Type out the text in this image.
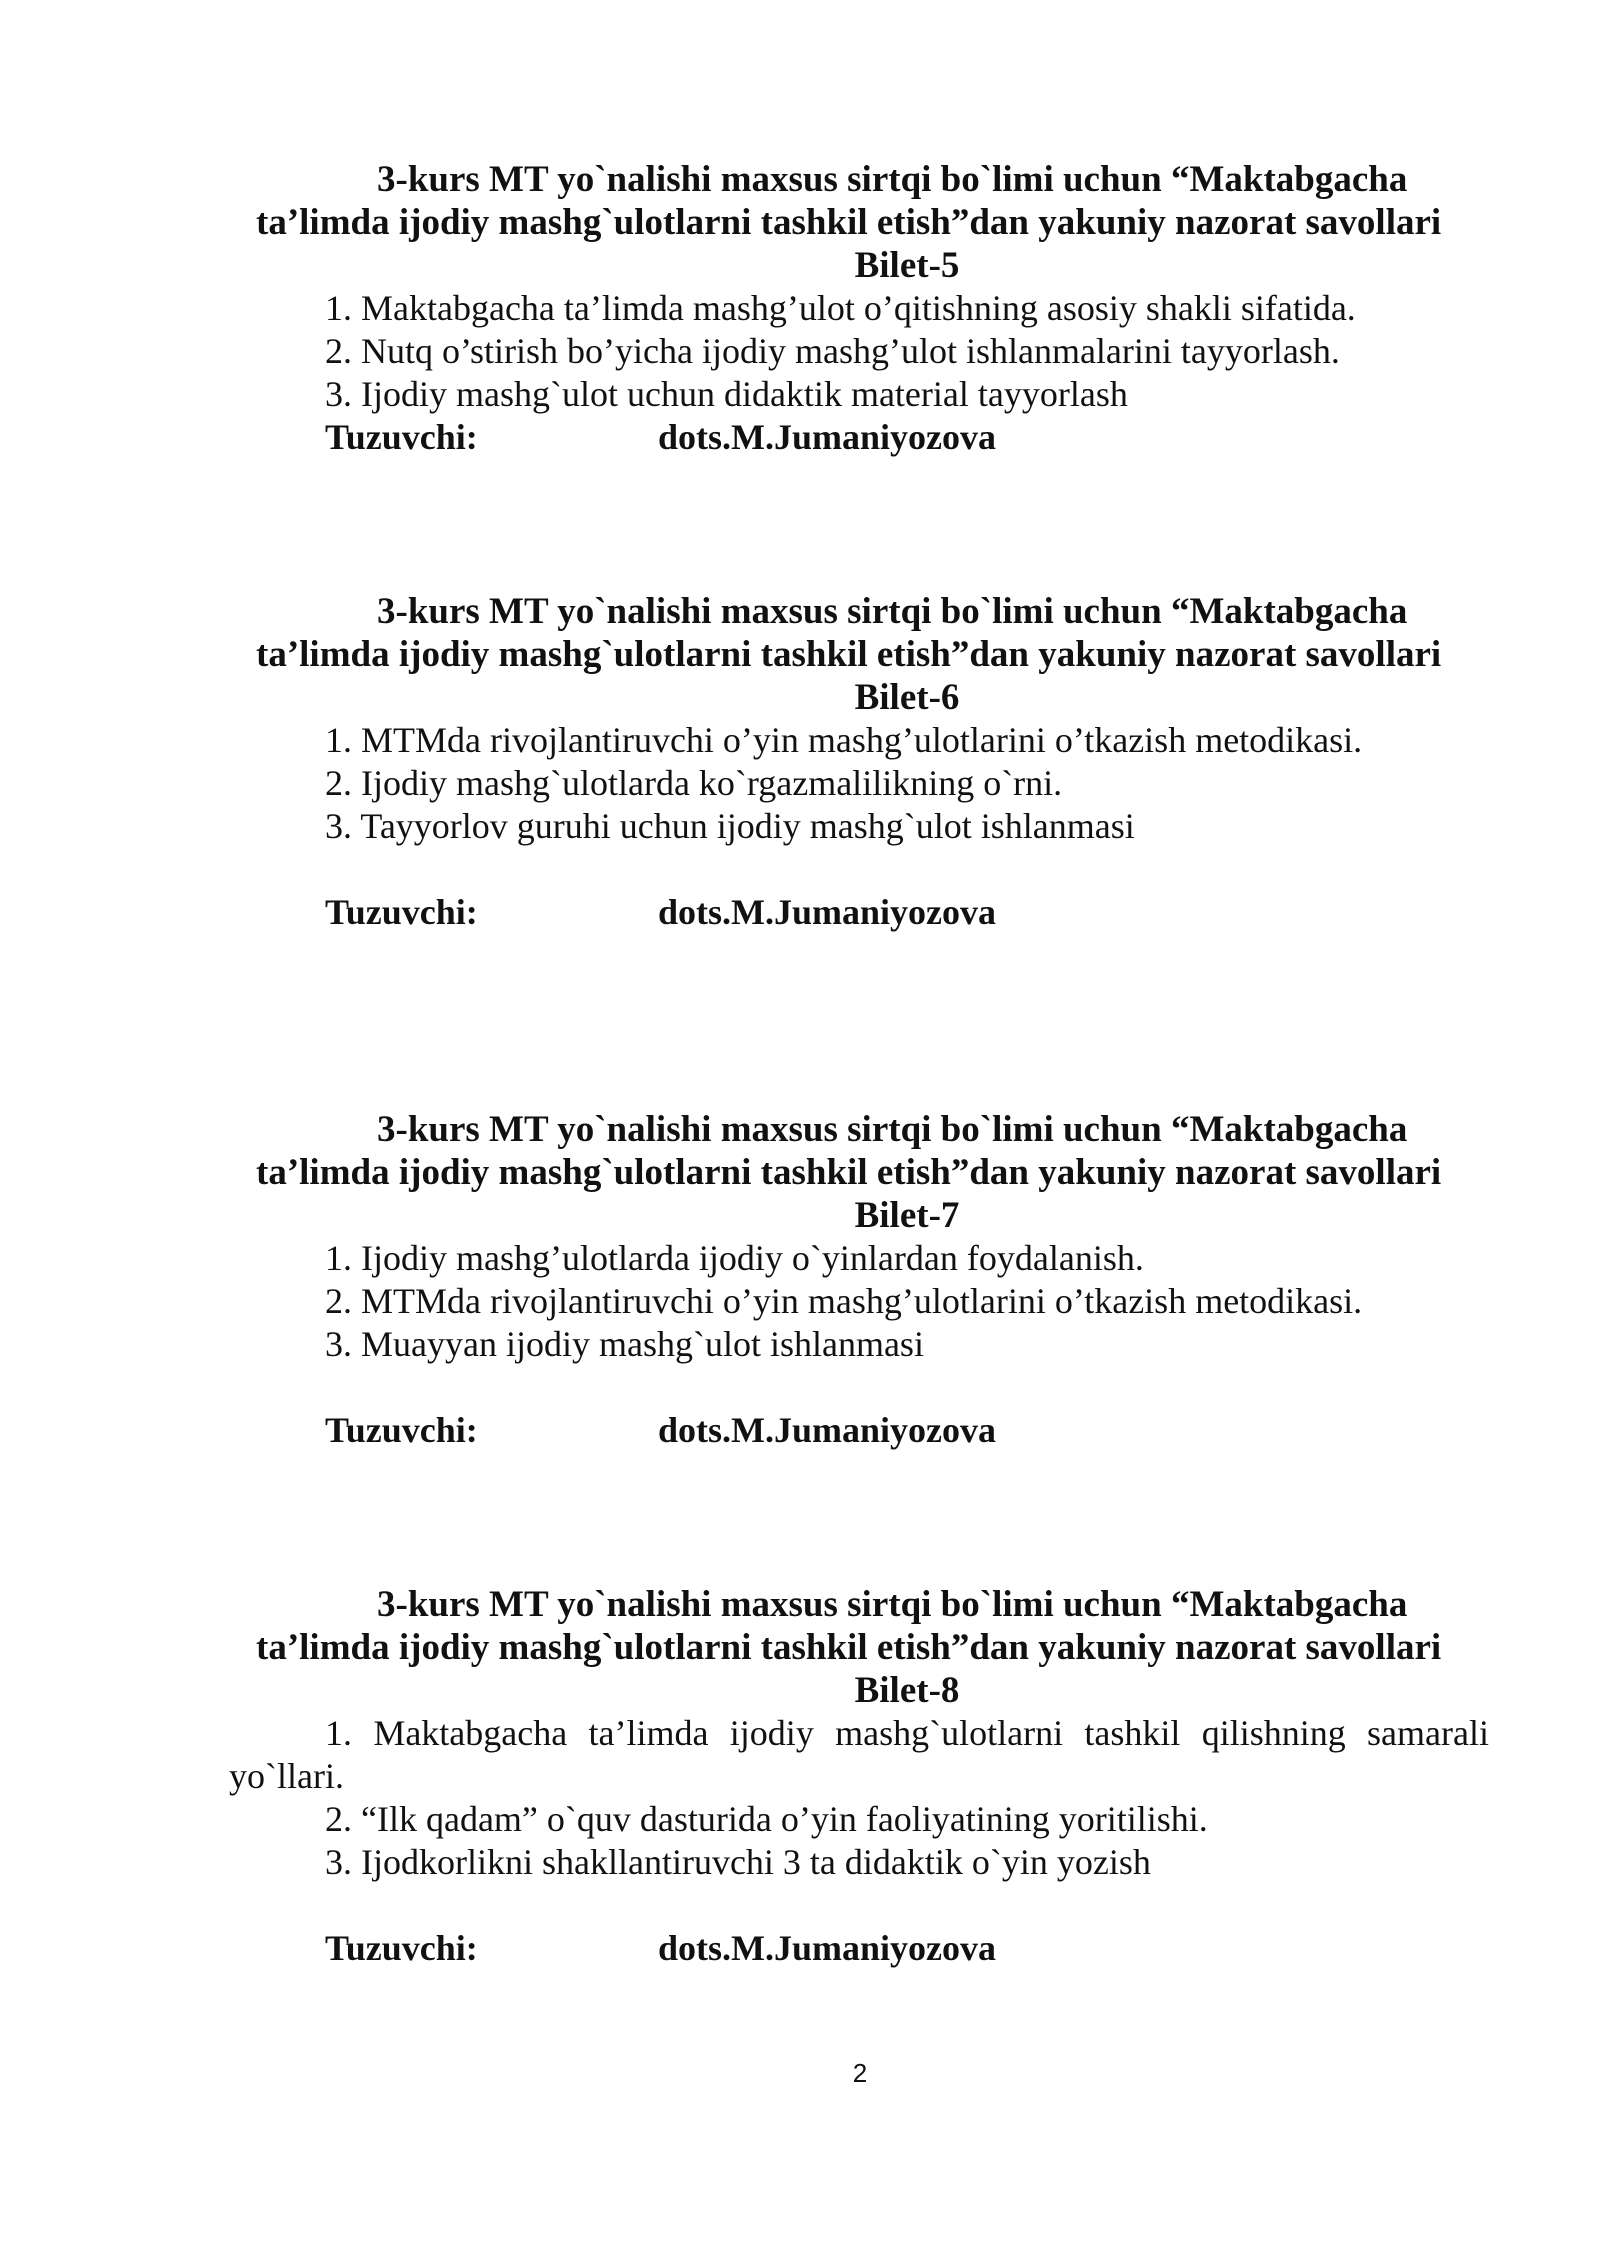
3-kurs MT yo`nalishi maxsus sirtqi bo`limi uchun “Maktabgacha
ta’limda ijodiy mashg`ulotlarni tashkil etish”dan yakuniy nazorat savollari
Bilet-5
1. Maktabgacha ta’limda mashg’ulot o’qitishning asosiy shakli sifatida.
2. Nutq o’stirish bo’yicha ijodiy mashg’ulot ishlanmalarini tayyorlash.
3. Ijodiy mashg`ulot uchun didaktik material tayyorlash
Tuzuvchi:	dots.M.Jumaniyozova
3-kurs MT yo`nalishi maxsus sirtqi bo`limi uchun “Maktabgacha
ta’limda ijodiy mashg`ulotlarni tashkil etish”dan yakuniy nazorat savollari
Bilet-6
1. MTMda rivojlantiruvchi o’yin mashg’ulotlarini o’tkazish metodikasi.
2. Ijodiy mashg`ulotlarda ko`rgazmalilikning o`rni.
3. Tayyorlov guruhi uchun ijodiy mashg`ulot ishlanmasi
Tuzuvchi:	dots.M.Jumaniyozova
3-kurs MT yo`nalishi maxsus sirtqi bo`limi uchun “Maktabgacha
ta’limda ijodiy mashg`ulotlarni tashkil etish”dan yakuniy nazorat savollari
Bilet-7
1. Ijodiy mashg’ulotlarda ijodiy o`yinlardan foydalanish.
2. MTMda rivojlantiruvchi o’yin mashg’ulotlarini o’tkazish metodikasi.
3. Muayyan ijodiy mashg`ulot ishlanmasi
Tuzuvchi:	dots.M.Jumaniyozova
3-kurs MT yo`nalishi maxsus sirtqi bo`limi uchun “Maktabgacha
ta’limda ijodiy mashg`ulotlarni tashkil etish”dan yakuniy nazorat savollari
Bilet-8
1. Maktabgacha ta’limda ijodiy mashg`ulotlarni tashkil qilishning samarali yo`llari.
2. “Ilk qadam” o`quv dasturida o’yin faoliyatining yoritilishi.
3. Ijodkorlikni shakllantiruvchi 3 ta didaktik o`yin yozish
Tuzuvchi:	dots.M.Jumaniyozova
2
